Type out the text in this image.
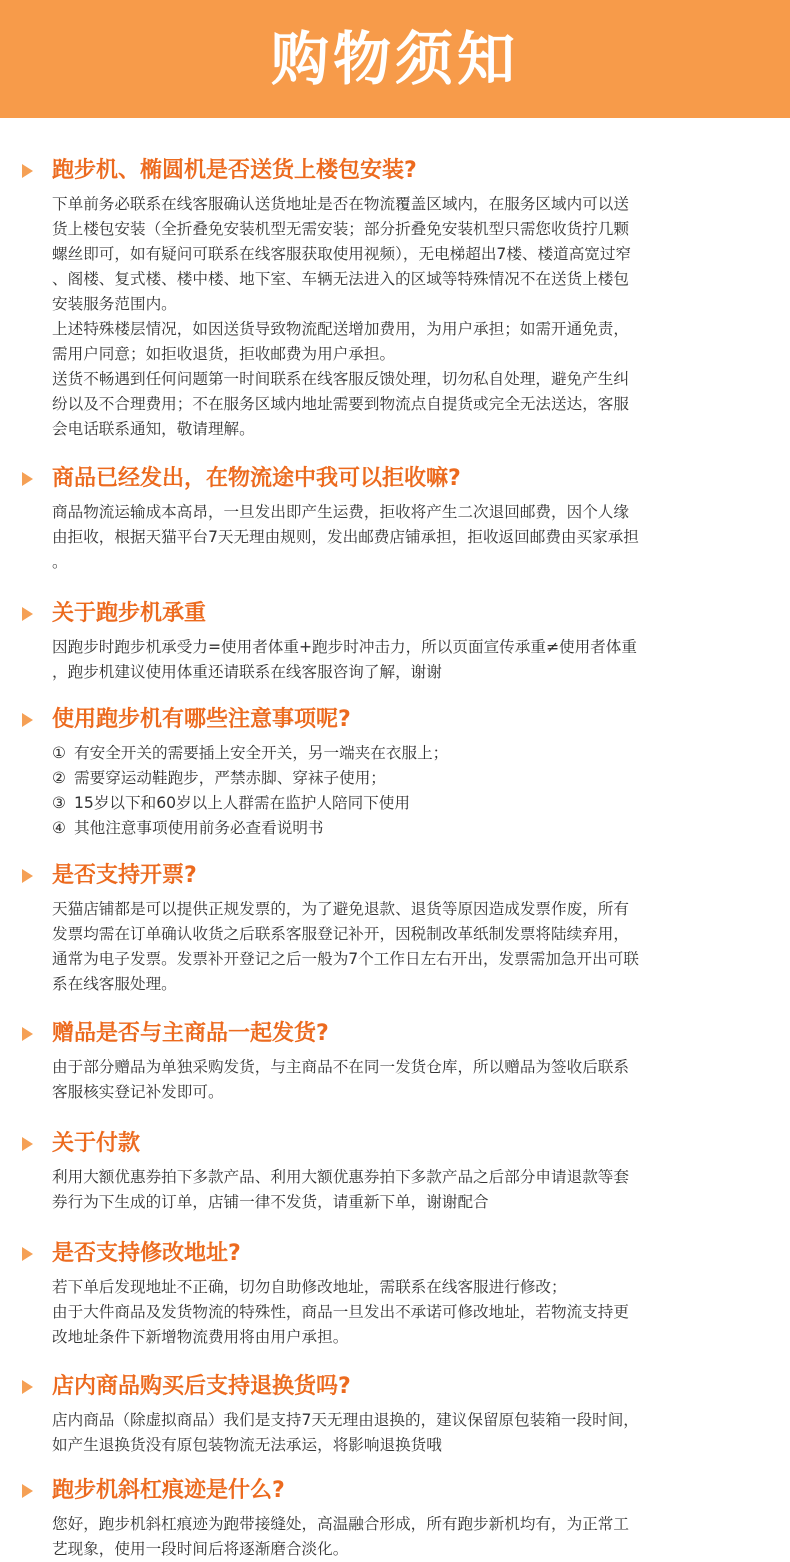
购物须知
跑步机、椭圆机是否送货上楼包安装?
下单前务必联系在线客服确认送货地址是否在物流覆盖区域内，在服务区域内可以送
货上楼包安装（全折叠免安装机型无需安装；部分折叠免安装机型只需您收货拧几颗
螺丝即可，如有疑问可联系在线客服获取使用视频），无电梯超出7楼、楼道高宽过窄
、阁楼、复式楼、楼中楼、地下室、车辆无法进入的区域等特殊情况不在送货上楼包
安装服务范围内。
上述特殊楼层情况，如因送货导致物流配送增加费用，为用户承担；如需开通免责，
需用户同意；如拒收退货，拒收邮费为用户承担。
送货不畅遇到任何问题第一时间联系在线客服反馈处理，切勿私自处理，避免产生纠
纷以及不合理费用；不在服务区域内地址需要到物流点自提货或完全无法送达，客服
会电话联系通知，敬请理解。
商品已经发出，在物流途中我可以拒收嘛?
商品物流运输成本高昂，一旦发出即产生运费，拒收将产生二次退回邮费，因个人缘
由拒收，根据天猫平台7天无理由规则，发出邮费店铺承担，拒收返回邮费由买家承担
。
关于跑步机承重
因跑步时跑步机承受力=使用者体重+跑步时冲击力，所以页面宣传承重≠使用者体重
，跑步机建议使用体重还请联系在线客服咨询了解，谢谢
使用跑步机有哪些注意事项呢?
① 有安全开关的需要插上安全开关，另一端夹在衣服上；
② 需要穿运动鞋跑步，严禁赤脚、穿袜子使用；
③ 15岁以下和60岁以上人群需在监护人陪同下使用
④ 其他注意事项使用前务必查看说明书
是否支持开票?
天猫店铺都是可以提供正规发票的，为了避免退款、退货等原因造成发票作废，所有
发票均需在订单确认收货之后联系客服登记补开，因税制改革纸制发票将陆续弃用，
通常为电子发票。发票补开登记之后一般为7个工作日左右开出，发票需加急开出可联
系在线客服处理。
赠品是否与主商品一起发货?
由于部分赠品为单独采购发货，与主商品不在同一发货仓库，所以赠品为签收后联系
客服核实登记补发即可。
关于付款
利用大额优惠券拍下多款产品、利用大额优惠券拍下多款产品之后部分申请退款等套
券行为下生成的订单，店铺一律不发货，请重新下单，谢谢配合
是否支持修改地址?
若下单后发现地址不正确，切勿自助修改地址，需联系在线客服进行修改；
由于大件商品及发货物流的特殊性，商品一旦发出不承诺可修改地址，若物流支持更
改地址条件下新增物流费用将由用户承担。
店内商品购买后支持退换货吗?
店内商品（除虚拟商品）我们是支持7天无理由退换的，建议保留原包装箱一段时间，
如产生退换货没有原包装物流无法承运，将影响退换货哦
跑步机斜杠痕迹是什么?
您好，跑步机斜杠痕迹为跑带接缝处，高温融合形成，所有跑步新机均有，为正常工
艺现象，使用一段时间后将逐渐磨合淡化。
